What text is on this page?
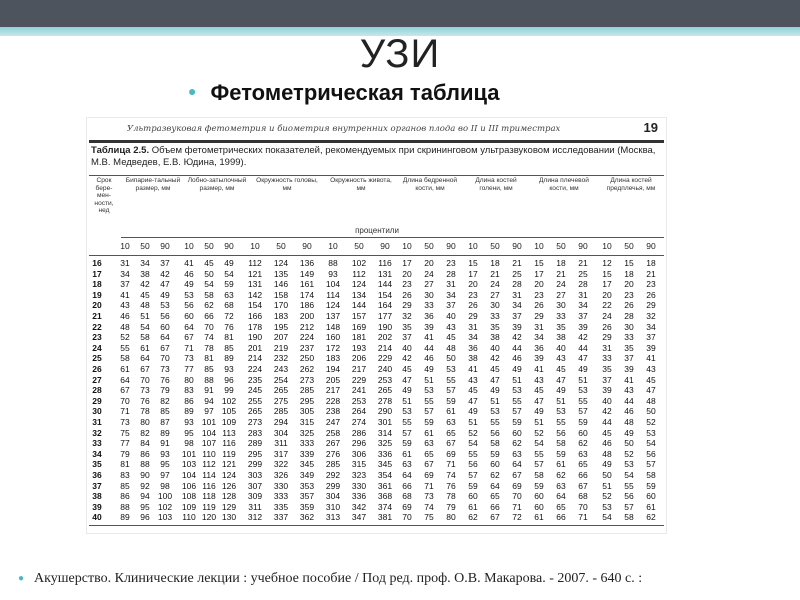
УЗИ
● Фетометрическая таблица
Ультразвуковая фетометрия и биометрия внутренних органов плода во II и III триместрах	19
Таблица 2.5. Объем фетометрических показателей, рекомендуемых при скрининговом ультразвуковом исследовании (Москва, М.В. Медведев, Е.В. Юдина, 1999).
Срок бере-мен-ности, нед
Бипарие-тальный размер, мм
Лобно-затылочный размер, мм
Окружность головы, мм
Окружность живота, мм
Длина бедренной кости, мм
Длина костей голени, мм
Длина плечевой кости, мм
Длина костей предплечья, мм
процентили
10	50	90	10	50	90	10	50	90	10	50	90	10	50	90	10	50	90	10	50	90	10	50	90
16	31	34	37	41	45	49	112	124	136	88	102	116	17	20	23	15	18	21	15	18	21	12	15	18
17	34	38	42	46	50	54	121	135	149	93	112	131	20	24	28	17	21	25	17	21	25	15	18	21
18	37	42	47	49	54	59	131	146	161	104	124	144	23	27	31	20	24	28	20	24	28	17	20	23
19	41	45	49	53	58	63	142	158	174	114	134	154	26	30	34	23	27	31	23	27	31	20	23	26
20	43	48	53	56	62	68	154	170	186	124	144	164	29	33	37	26	30	34	26	30	34	22	26	29
21	46	51	56	60	66	72	166	183	200	137	157	177	32	36	40	29	33	37	29	33	37	24	28	32
22	48	54	60	64	70	76	178	195	212	148	169	190	35	39	43	31	35	39	31	35	39	26	30	34
23	52	58	64	67	74	81	190	207	224	160	181	202	37	41	45	34	38	42	34	38	42	29	33	37
24	55	61	67	71	78	85	201	219	237	172	193	214	40	44	48	36	40	44	36	40	44	31	35	39
25	58	64	70	73	81	89	214	232	250	183	206	229	42	46	50	38	42	46	39	43	47	33	37	41
26	61	67	73	77	85	93	224	243	262	194	217	240	45	49	53	41	45	49	41	45	49	35	39	43
27	64	70	76	80	88	96	235	254	273	205	229	253	47	51	55	43	47	51	43	47	51	37	41	45
28	67	73	79	83	91	99	245	265	285	217	241	265	49	53	57	45	49	53	45	49	53	39	43	47
29	70	76	82	86	94 102	255	275	295	228	253	278	51	55	59	47	51	55	47	51	55	40	44	48
30	71	78	85	89	97 105	265	285	305	238	264	290	53	57	61	49	53	57	49	53	57	42	46	50
31	73	80	87	93 101 109	273	294	315	247	274	301	55	59	63	51	55	59	51	55	59	44	48	52
32	75	82	89	95 104 113	283	304	325	258	286	314	57	61	65	52	56	60	52	56	60	45	49	53
33	77	84	91	98 107 116	289	311	333	267	296	325	59	63	67	54	58	62	54	58	62	46	50	54
34	79	86	93	101 110 119	295	317	339	276	306	336	61	65	69	55	59	63	55	59	63	48	52	56
35	81	88	95	103 112 121	299	322	345	285	315	345	63	67	71	56	60	64	57	61	65	49	53	57
36	83	90	97	104 114 124	303	326	349	292	323	354	64	69	74	57	62	67	58	62	66	50	54	58
37	85	92	98	106 116 126	307	330	353	299	330	361	66	71	76	59	64	69	59	63	67	51	55	59
38	86	94 100	108 118 128	309	333	357	304	336	368	68	73	78	60	65	70	60	64	68	52	56	60
39	88	95 102	109 119 129	311	335	359	310	342	374	69	74	79	61	66	71	60	65	70	53	57	61
40	89	96 103	110 120 130	312	337	362	313	347	381	70	75	80	62	67	72	61	66	71	54	58	62
● Акушерство. Клинические лекции : учебное пособие / Под ред. проф. О.В. Макарова. - 2007. - 640 с. :
